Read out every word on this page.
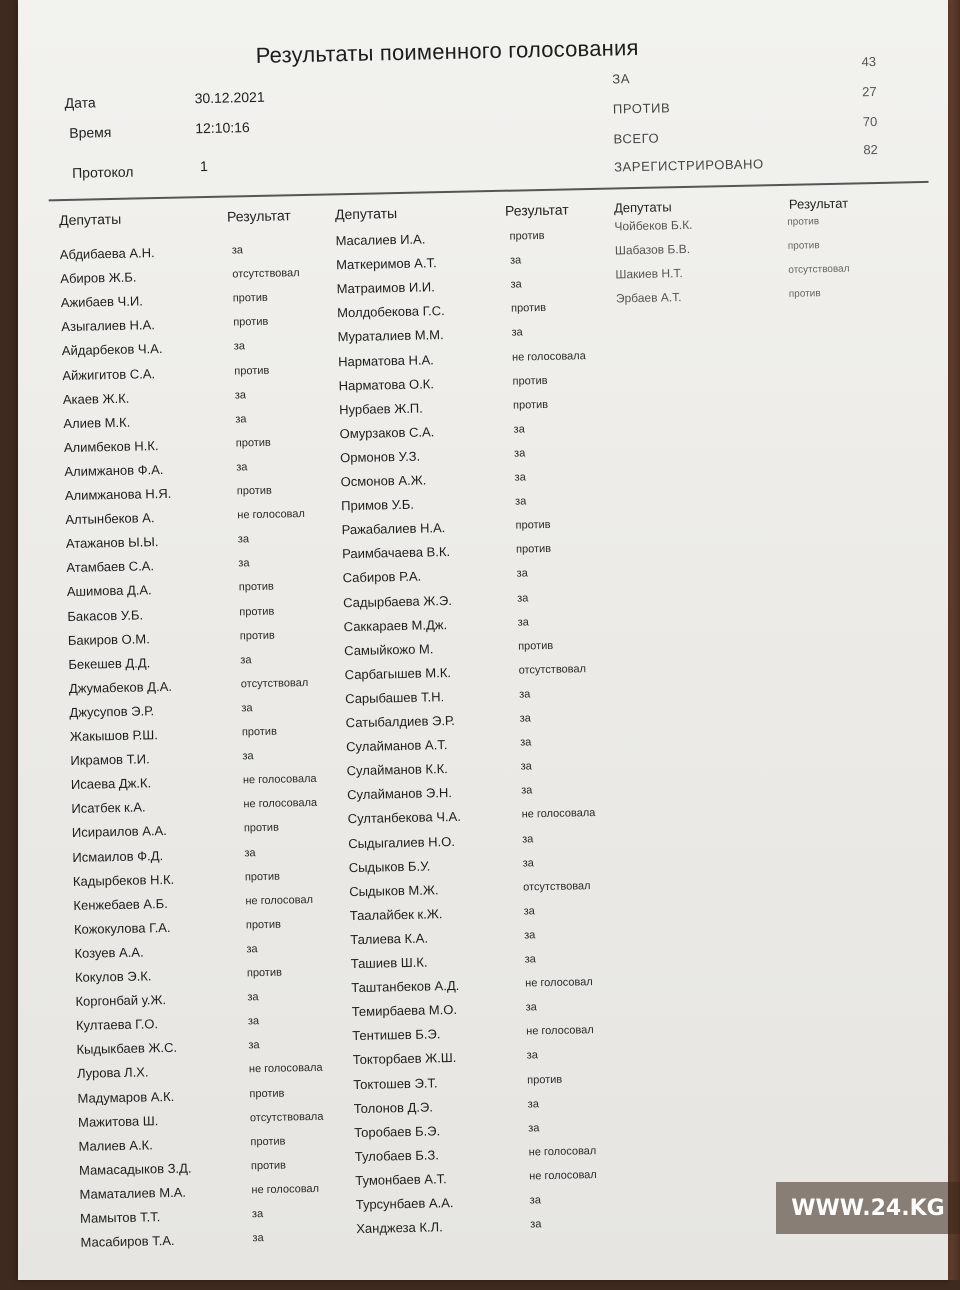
Результаты поименного голосования
Дата	30.12.2021
Время	12:10:16
Протокол	1
ЗА
43
ПРОТИВ
27
ВСЕГО
70
ЗАРЕГИСТРИРОВАНО
82
Депутаты	Результат	Депутаты	Результат	Депутаты	Результат
Абдибаева А.Н.	за
Абиров Ж.Б.	отсутствовал
Ажибаев Ч.И.	против
Азыгалиев Н.А.	против
Айдарбеков Ч.А.	за
Айжигитов С.А.	против
Акаев Ж.К.	за
Алиев М.К.	за
Алимбеков Н.К.	против
Алимжанов Ф.А.	за
Алимжанова Н.Я.	против
Алтынбеков А.	не голосовал
Атажанов Ы.Ы.	за
Атамбаев С.А.	за
Ашимова Д.А.	против
Бакасов У.Б.	против
Бакиров О.М.	против
Бекешев Д.Д.	за
Джумабеков Д.А.	отсутствовал
Джусупов Э.Р.	за
Жакышов Р.Ш.	против
Икрамов Т.И.	за
Исаева Дж.К.	не голосовала
Исатбек к.А.	не голосовала
Исираилов А.А.	против
Исмаилов Ф.Д.	за
Кадырбеков Н.К.	против
Кенжебаев А.Б.	не голосовал
Кожокулова Г.А.	против
Козуев А.А.	за
Кокулов Э.К.	против
Коргонбай у.Ж.	за
Култаева Г.О.	за
Кыдыкбаев Ж.С.	за
Лурова Л.Х.	не голосовала
Мадумаров А.К.	против
Мажитова Ш.	отсутствовала
Малиев А.К.	против
Мамасадыков З.Д.	против
Маматалиев М.А.	не голосовал
Мамытов Т.Т.	за
Масабиров Т.А.	за
Масалиев И.А.	против
Маткеримов А.Т.	за
Матраимов И.И.	за
Молдобекова Г.С.	против
Мураталиев М.М.	за
Нарматова Н.А.	не голосовала
Нарматова О.К.	против
Нурбаев Ж.П.	против
Омурзаков С.А.	за
Ормонов У.З.	за
Осмонов А.Ж.	за
Примов У.Б.	за
Ражабалиев Н.А.	против
Раимбачаева В.К.	против
Сабиров Р.А.	за
Садырбаева Ж.Э.	за
Саккараев М.Дж.	за
Самыйкожо М.	против
Сарбагышев М.К.	отсутствовал
Сарыбашев Т.Н.	за
Сатыбалдиев Э.Р.	за
Сулайманов А.Т.	за
Сулайманов К.К.	за
Сулайманов Э.Н.	за
Султанбекова Ч.А.	не голосовала
Сыдыгалиев Н.О.	за
Сыдыков Б.У.	за
Сыдыков М.Ж.	отсутствовал
Таалайбек к.Ж.	за
Талиева К.А.	за
Ташиев Ш.К.	за
Таштанбеков А.Д.	не голосовал
Темирбаева М.О.	за
Тентишев Б.Э.	не голосовал
Токторбаев Ж.Ш.	за
Токтошев Э.Т.	против
Толонов Д.Э.	за
Торобаев Б.Э.	за
Тулобаев Б.З.	не голосовал
Тумонбаев А.Т.	не голосовал
Турсунбаев А.А.	за
Ханджеза К.Л.	за
Чойбеков Б.К.	против
Шабазов Б.В.	против
Шакиев Н.Т.	отсутствовал
Эрбаев А.Т.	против
WWW.24.KG
